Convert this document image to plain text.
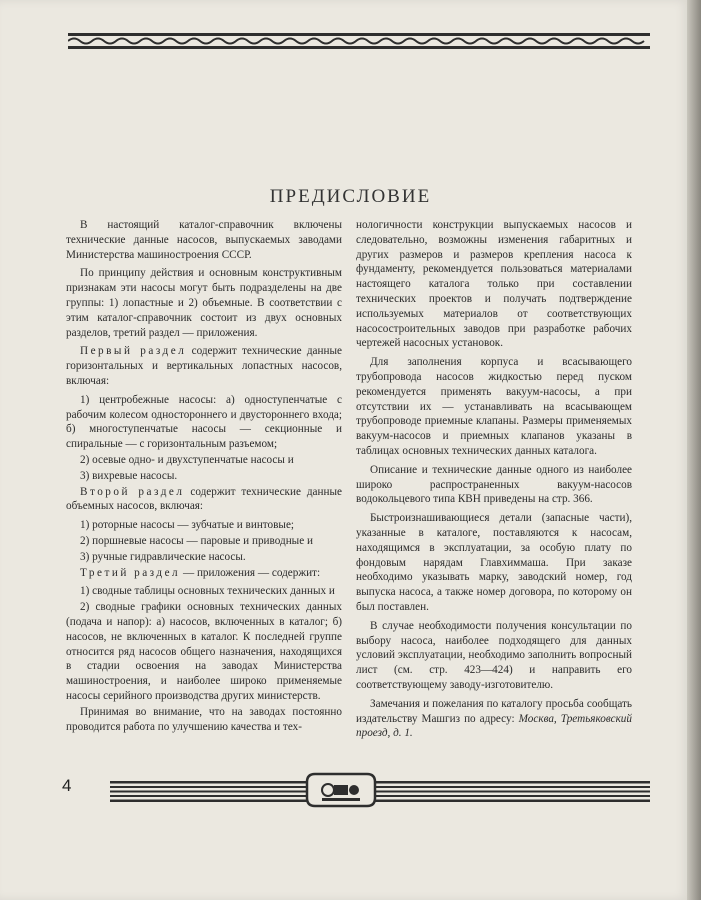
ПРЕДИСЛОВИЕ

В настоящий каталог-справочник включены технические данные насосов, выпускаемых заводами Министерства машиностроения СССР.

По принципу действия и основным конструктивным признакам эти насосы могут быть подразделены на две группы: 1) лопастные и 2) объемные. В соответствии с этим каталог-справочник состоит из двух основных разделов, третий раздел — приложения.

Первый раздел содержит технические данные горизонтальных и вертикальных лопастных насосов, включая:

1) центробежные насосы: а) одноступенчатые с рабочим колесом одностороннего и двустороннего входа; б) многоступенчатые насосы — секционные и спиральные — с горизонтальным разъемом;

2) осевые одно- и двухступенчатые насосы и

3) вихревые насосы.

Второй раздел содержит технические данные объемных насосов, включая:

1) роторные насосы — зубчатые и винтовые;

2) поршневые насосы — паровые и приводные и

3) ручные гидравлические насосы.

Третий раздел — приложения — содержит:

1) сводные таблицы основных технических данных и

2) сводные графики основных технических данных (подача и напор): а) насосов, включенных в каталог; б) насосов, не включенных в каталог. К последней группе относится ряд насосов общего назначения, находящихся в стадии освоения на заводах Министерства машиностроения, и наиболее широко применяемые насосы серийного производства других министерств.

Принимая во внимание, что на заводах постоянно проводится работа по улучшению качества и тех-

нологичности конструкции выпускаемых насосов и следовательно, возможны изменения габаритных и других размеров и размеров крепления насоса к фундаменту, рекомендуется пользоваться материалами настоящего каталога только при составлении технических проектов и получать подтверждение используемых материалов от соответствующих насосостроительных заводов при разработке рабочих чертежей насосных установок.

Для заполнения корпуса и всасывающего трубопровода насосов жидкостью перед пуском рекомендуется применять вакуум-насосы, а при отсутствии их — устанавливать на всасывающем трубопроводе приемные клапаны. Размеры применяемых вакуум-насосов и приемных клапанов указаны в таблицах основных технических данных каталога.

Описание и технические данные одного из наиболее широко распространенных вакуум-насосов водокольцевого типа КВН приведены на стр. 366.

Быстроизнашивающиеся детали (запасные части), указанные в каталоге, поставляются к насосам, находящимся в эксплуатации, за особую плату по фондовым нарядам Главхиммаша. При заказе необходимо указывать марку, заводский номер, год выпуска насоса, а также номер договора, по которому он был поставлен.

В случае необходимости получения консультации по выбору насоса, наиболее подходящего для данных условий эксплуатации, необходимо заполнить вопросный лист (см. стр. 423—424) и направить его соответствующему заводу-изготовителю.

Замечания и пожелания по каталогу просьба сообщать издательству Машгиз по адресу: Москва, Третьяковский проезд, д. 1.

4
